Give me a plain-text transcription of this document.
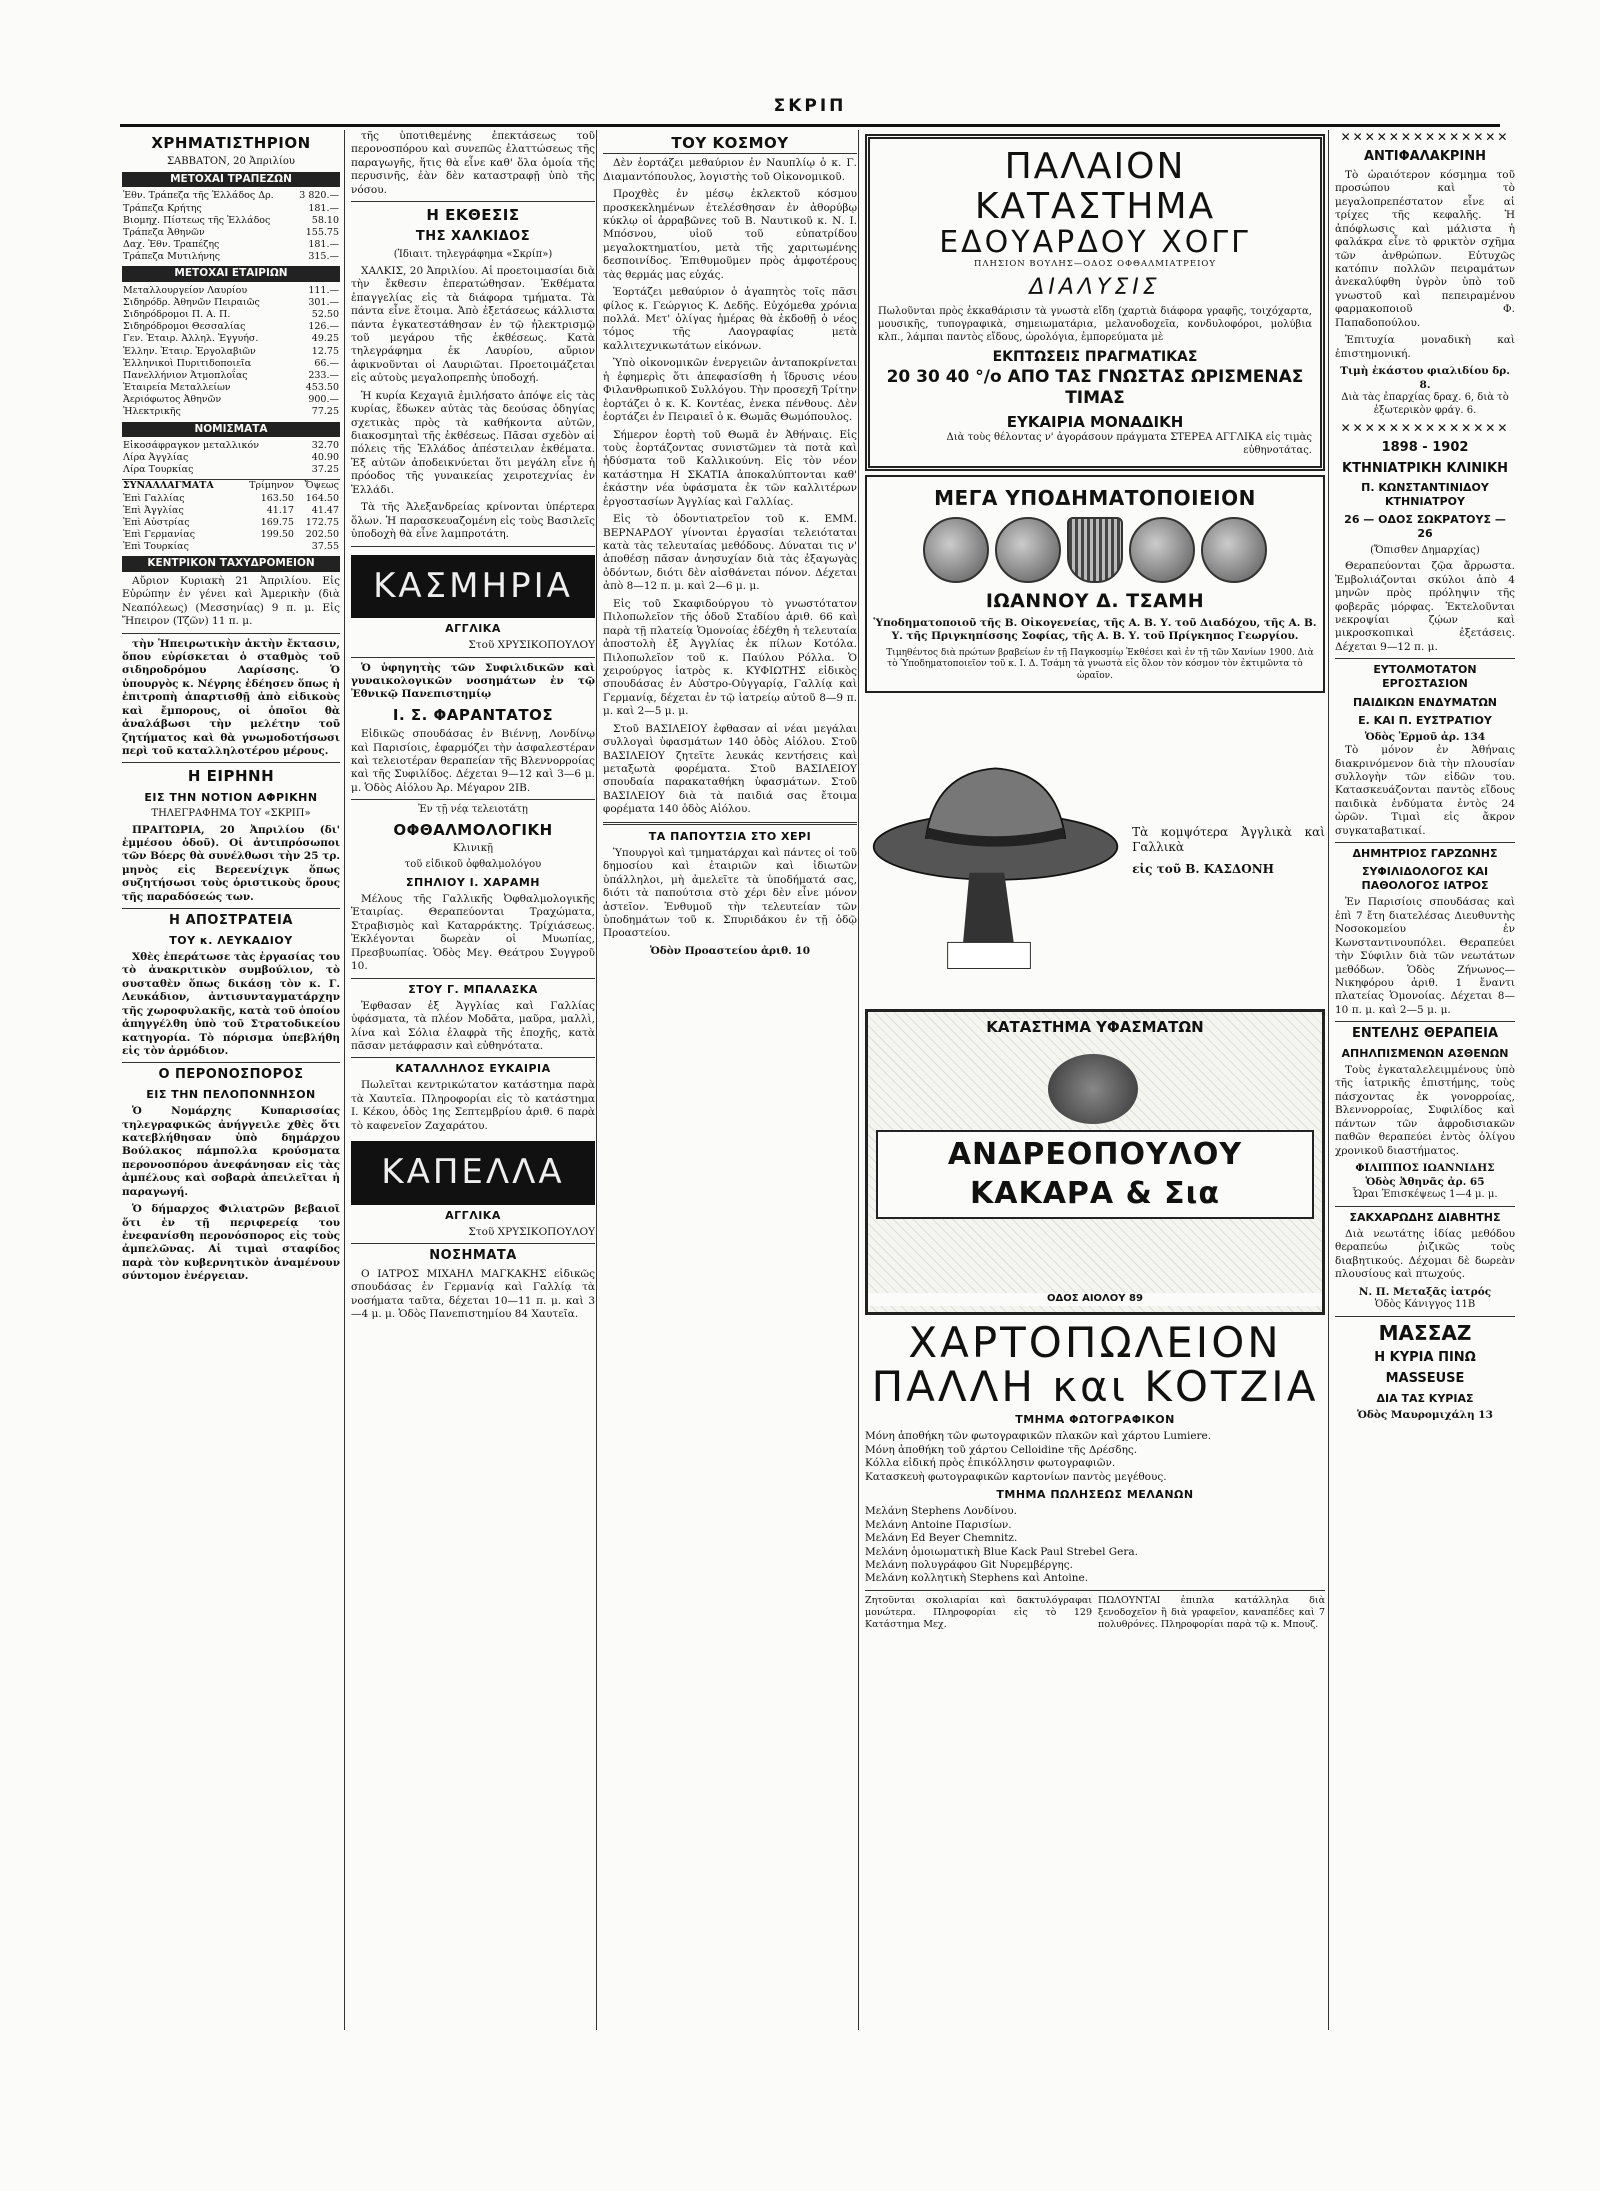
ΣΚΡΙΠ
ΧΡΗΜΑΤΙΣΤΗΡΙΟΝ
ΣΑΒΒΑΤΟΝ, 20 Ἀπριλίου
ΜΕΤΟΧΑΙ ΤΡΑΠΕΖΩΝ
Ἐθν. Τράπεζα τῆς Ἑλλάδος Δρ.	3 820.—
Τράπεζα Κρήτης	181.—
Βιομηχ. Πίστεως τῆς Ἑλλάδος	58.10
Τράπεζα Ἀθηνῶν	155.75
Δαχ. Ἐθν. Τραπέζης	181.—
Τράπεζα Μυτιλήνης	315.—
ΜΕΤΟΧΑΙ ΕΤΑΙΡΙΩΝ
Μεταλλουργείον Λαυρίου	111.—
Σιδηρόδρ. Ἀθηνῶν Πειραιῶς	301.—
Σιδηρόδρομοι Π. Α. Π.	52.50
Σιδηρόδρομοι Θεσσαλίας	126.—
Γεν. Ἑταιρ. Ἀλληλ. Ἐγγυήσ.	49.25
Ἑλλην. Ἑταιρ. Ἐργολαβιῶν	12.75
Ἑλληνικοὶ Πυριτιδοποιεῖα	66.—
Πανελλήνιον Ἀτμοπλοΐας	233.—
Ἑταιρεία Μεταλλείων	453.50
Ἀεριόφωτος Ἀθηνῶν	900.—
Ἠλεκτρικῆς	77.25
ΝΟΜΙΣΜΑΤΑ
Εἰκοσάφραγκον μεταλλικόν	32.70
Λίρα Ἀγγλίας	40.90
Λίρα Τουρκίας	37.25
ΣΥΝΑΛΛΑΓΜΑΤΑ	Τρίμηνον	Ὄψεως
Ἐπὶ Γαλλίας	163.50	164.50
Ἐπὶ Ἀγγλίας	41.17	41.47
Ἐπὶ Αὐστρίας	169.75	172.75
Ἐπὶ Γερμανίας	199.50	202.50
Ἐπὶ Τουρκίας		37.55
ΚΕΝΤΡΙΚΟΝ ΤΑΧΥΔΡΟΜΕΙΟΝ
Αὔριον Κυριακὴ 21 Ἀπριλίου. Εἰς Εὐρώπην ἐν γένει καὶ Ἀμερικὴν (διὰ Νεαπόλεως) (Μεσσηνίας) 9 π. μ. Εἰς Ἤπειρον (Τζῶν) 11 π. μ.
τὴν Ἡπειρωτικὴν ἀκτὴν ἔκτασιν, ὅπου εὑρίσκεται ὁ σταθμὸς τοῦ σιδηροδρόμου Λαρίσσης. Ὁ ὑπουργὸς κ. Νέγρης ἐδέησεν ὅπως ἡ ἐπιτροπὴ ἀπαρτισθῇ ἀπὸ εἰδικοὺς καὶ ἔμπορους, οἱ ὁποῖοι θὰ ἀναλάβωσι τὴν μελέτην τοῦ ζητήματος καὶ θὰ γνωμοδοτήσωσι περὶ τοῦ καταλληλοτέρου μέρους.
Η ΕΙΡΗΝΗ
ΕΙΣ ΤΗΝ ΝΟΤΙΟΝ ΑΦΡΙΚΗΝ
ΤΗΛΕΓΡΑΦΗΜΑ ΤΟΥ «ΣΚΡΙΠ»
ΠΡΑΙΤΩΡΙΑ, 20 Ἀπριλίου (δι' ἐμμέσου ὁδοῦ). Οἱ ἀντιπρόσωποι τῶν Βόερς θὰ συνέλθωσι τὴν 25 τρ. μηνὸς εἰς Βερεενίχιγκ ὅπως συζητήσωσι τοὺς ὁριστικοὺς ὅρους τῆς παραδόσεώς των.
Η ΑΠΟΣΤΡΑΤΕΙΑ
ΤΟΥ κ. ΛΕΥΚΑΔΙΟΥ
Χθὲς ἐπεράτωσε τὰς ἐργασίας του τὸ ἀνακριτικὸν συμβούλιον, τὸ συσταθὲν ὅπως δικάσῃ τὸν κ. Γ. Λευκάδιον, ἀντισυνταγματάρχην τῆς χωροφυλακῆς, κατὰ τοῦ ὁποίου ἀπηγγέλθη ὑπὸ τοῦ Στρατοδικείου κατηγορία. Τὸ πόρισμα ὑπεβλήθη εἰς τὸν ἀρμόδιον.
Ο ΠΕΡΟΝΟΣΠΟΡΟΣ
ΕΙΣ ΤΗΝ ΠΕΛΟΠΟΝΝΗΣΟΝ
Ὁ Νομάρχης Κυπαρισσίας τηλεγραφικῶς ἀνήγγειλε χθὲς ὅτι κατεβλήθησαν ὑπὸ δημάρχου Βούλακος πάμπολλα κρούσματα περονοσπόρου ἀνεφάνησαν εἰς τὰς ἀμπέλους καὶ σοβαρὰ ἀπειλεῖται ἡ παραγωγή.
Ὁ δήμαρχος Φιλιατρῶν βεβαιοῖ ὅτι ἐν τῇ περιφερείᾳ του ἐνεφανίσθη περονόσπορος εἰς τοὺς ἀμπελῶνας. Αἱ τιμαὶ σταφίδος παρὰ τὸν κυβερνητικὸν ἀναμένουν σύντομον ἐνέργειαν.
τῆς ὑποτιθεμένης ἐπεκτάσεως τοῦ περονοσπόρου καὶ συνεπῶς ἐλαττώσεως τῆς παραγωγῆς, ἥτις θὰ εἶνε καθ' ὅλα ὁμοία τῆς περυσινῆς, ἐὰν δὲν καταστραφῇ ὑπὸ τῆς νόσου.
Η ΕΚΘΕΣΙΣ
ΤΗΣ ΧΑΛΚΙΔΟΣ
(Ἰδιαιτ. τηλεγράφημα «Σκρίπ»)
ΧΑΛΚΙΣ, 20 Ἀπριλίου. Αἱ προετοιμασίαι διὰ τὴν ἔκθεσιν ἐπερατώθησαν. Ἐκθέματα ἐπαγγελίας εἰς τὰ διάφορα τμήματα. Τὰ πάντα εἶνε ἕτοιμα. Ἀπὸ ἐξετάσεως κάλλιστα πάντα ἐγκατεστάθησαν ἐν τῷ ἠλεκτρισμῷ τοῦ μεγάρου τῆς ἐκθέσεως. Κατὰ τηλεγράφημα ἐκ Λαυρίου, αὔριον ἀφικνοῦνται οἱ Λαυριῶται. Προετοιμάζεται εἰς αὐτοὺς μεγαλοπρεπὴς ὑποδοχή.
Ἡ κυρία Κεχαγιᾶ ἐμιλήσατο ἀπόψε εἰς τὰς κυρίας, ἔδωκεν αὐτὰς τὰς δεούσας ὁδηγίας σχετικὰς πρὸς τὰ καθήκοντα αὐτῶν, διακοσμηταὶ τῆς ἐκθέσεως. Πᾶσαι σχεδὸν αἱ πόλεις τῆς Ἑλλάδος ἀπέστειλαν ἐκθέματα. Ἐξ αὐτῶν ἀποδεικνύεται ὅτι μεγάλη εἶνε ἡ πρόοδος τῆς γυναικείας χειροτεχνίας ἐν Ἑλλάδι.
Τὰ τῆς Ἀλεξανδρείας κρίνονται ὑπέρτερα ὅλων. Ἡ παρασκευαζομένη εἰς τοὺς Βασιλεῖς ὑποδοχὴ θὰ εἶνε λαμπροτάτη.
ΚΑΣΜΗΡΙΑ
ΑΓΓΛΙΚΑ
Στοῦ ΧΡΥΣΙΚΟΠΟΥΛΟΥ
Ὁ ὑφηγητὴς τῶν Συφιλιδικῶν καὶ γυναικολογικῶν νοσημάτων ἐν τῷ Ἐθνικῷ Πανεπιστημίῳ
Ι. Σ. ΦΑΡΑΝΤΑΤΟΣ
Εἰδικῶς σπουδάσας ἐν Βιέννῃ, Λονδίνῳ καὶ Παρισίοις, ἐφαρμόζει τὴν ἀσφαλεστέραν καὶ τελειοτέραν θεραπείαν τῆς Βλεννορροίας καὶ τῆς Συφιλίδος. Δέχεται 9—12 καὶ 3—6 μ. μ. Ὁδὸς Αἰόλου Ἀρ. Μέγαρον 2ΙΒ.
Ἐν τῇ νέᾳ τελειοτάτῃ
ΟΦΘΑΛΜΟΛΟΓΙΚΗ
Κλινικῇ
τοῦ εἰδικοῦ ὀφθαλμολόγου
ΣΠΗΛΙΟΥ Ι. ΧΑΡΑΜΗ
Μέλους τῆς Γαλλικῆς Ὀφθαλμολογικῆς Ἑταιρίας. Θεραπεύονται Τραχώματα, Στραβισμὸς καὶ Καταρράκτης. Τρίχιάσεως. Ἐκλέγονται δωρεὰν οἱ Μυωπίας, Πρεσβυωπίας. Ὁδὸς Μεγ. Θεάτρου Συγγροῦ 10.
ΣΤΟΥ Γ. ΜΠΑΛΑΣΚΑ
Ἐφθασαν ἐξ Ἀγγλίας καὶ Γαλλίας ὑφάσματα, τὰ πλέον Μοδᾶτα, μαῦρα, μαλλὶ, λίνα καὶ Σόλια ἐλαφρὰ τῆς ἐποχῆς, κατὰ πᾶσαν μετάφρασιν καὶ εὐθηνότατα.
ΚΑΤΑΛΛΗΛΟΣ ΕΥΚΑΙΡΙΑ
Πωλεῖται κεντρικώτατον κατάστημα παρὰ τὰ Χαυτεῖα. Πληροφορίαι εἰς τὸ κατάστημα Ι. Κέκου, ὁδὸς 1ης Σεπτεμβρίου ἀριθ. 6 παρὰ τὸ καφενεῖον Ζαχαράτου.
ΚΑΠΕΛΛΑ
ΑΓΓΛΙΚΑ
Στοῦ ΧΡΥΣΙΚΟΠΟΥΛΟΥ
ΝΟΣΗΜΑΤΑ
Ο ΙΑΤΡΟΣ ΜΙΧΑΗΛ ΜΑΓΚΑΚΗΣ εἰδικῶς σπουδάσας ἐν Γερμανίᾳ καὶ Γαλλίᾳ τὰ νοσήματα ταῦτα, δέχεται 10—11 π. μ. καὶ 3—4 μ. μ. Ὁδὸς Πανεπιστημίου 84 Χαυτεῖα.
ΤΟΥ ΚΟΣΜΟΥ
Δὲν ἑορτάζει μεθαύριον ἐν Ναυπλίῳ ὁ κ. Γ. Διαμαντόπουλος, λογιστὴς τοῦ Οἰκονομικοῦ.
Προχθὲς ἐν μέσῳ ἐκλεκτοῦ κόσμου προσκεκλημένων ἐτελέσθησαν ἐν ἀθορύβῳ κύκλῳ οἱ ἀρραβῶνες τοῦ Β. Ναυτικοῦ κ. Ν. Ι. Μπόσνου, υἱοῦ τοῦ εὐπατρίδου μεγαλοκτηματίου, μετὰ τῆς χαριτωμένης δεσποινίδος. Ἐπιθυμοῦμεν πρὸς ἀμφοτέρους τὰς θερμάς μας εὐχάς.
Ἑορτάζει μεθαύριον ὁ ἀγαπητὸς τοῖς πᾶσι φίλος κ. Γεώργιος Κ. Δεδῆς. Εὐχόμεθα χρόνια πολλά. Μετ' ὀλίγας ἡμέρας θὰ ἐκδοθῇ ὁ νέος τόμος τῆς Λαογραφίας μετὰ καλλιτεχνικωτάτων εἰκόνων.
Ὑπὸ οἰκονομικῶν ἐνεργειῶν ἀνταποκρίνεται ἡ ἐφημερὶς ὅτι ἀπεφασίσθη ἡ ἵδρυσις νέου Φιλανθρωπικοῦ Συλλόγου. Τὴν προσεχῆ Τρίτην ἑορτάζει ὁ κ. Κ. Κοντέας, ἐνεκα πένθους. Δὲν ἑορτάζει ἐν Πειραιεῖ ὁ κ. Θωμᾶς Θωμόπουλος.
Σήμερον ἑορτὴ τοῦ Θωμᾶ ἐν Ἀθήναις. Εἰς τοὺς ἑορτάζοντας συνιστῶμεν τὰ ποτὰ καὶ ἡδύσματα τοῦ Καλλικούνη. Εἰς τὸν νέον κατάστημα Η ΣΚΑΤΙΑ ἀποκαλύπτονται καθ' ἑκάστην νέα ὑφάσματα ἐκ τῶν καλλιτέρων ἐργοστασίων Ἀγγλίας καὶ Γαλλίας.
Εἰς τὸ ὁδοντιατρεῖον τοῦ κ. ΕΜΜ. ΒΕΡΝΑΡΔΟΥ γίνονται ἐργασίαι τελειόταται κατὰ τὰς τελευταίας μεθόδους. Δύναται τις ν' ἀποθέσῃ πᾶσαν ἀνησυχίαν διὰ τὰς ἐξαγωγὰς ὀδόντων, διότι δὲν αἰσθάνεται πόνον. Δέχεται ἀπὸ 8—12 π. μ. καὶ 2—6 μ. μ.
Εἰς τοῦ Σκαφιδούργου τὸ γνωστότατον Πιλοπωλεῖον τῆς ὁδοῦ Σταδίου ἀριθ. 66 καὶ παρὰ τῇ πλατείᾳ Ὁμονοίας ἐδέχθη ἡ τελευταία ἀποστολὴ ἐξ Ἀγγλίας ἐκ πίλων Κοτόλα. Πιλοπωλεῖον τοῦ κ. Παύλου Ρόλλα. Ὁ χειρούργος ἰατρὸς κ. ΚΥΦΙΩΤΗΣ εἰδικὸς σπουδάσας ἐν Αὐστρο-Οὑγγαρίᾳ, Γαλλίᾳ καὶ Γερμανίᾳ, δέχεται ἐν τῷ ἰατρείῳ αὐτοῦ 8—9 π. μ. καὶ 2—5 μ. μ.
Στοῦ ΒΑΣΙΛΕΙΟΥ ἐφθασαν αἱ νέαι μεγάλαι συλλογαὶ ὑφασμάτων 140 ὁδὸς Αἰόλου. Στοῦ ΒΑΣΙΛΕΙΟΥ ζητεῖτε λευκάς κεντήσεις καὶ μεταξωτὰ φορέματα. Στοῦ ΒΑΣΙΛΕΙΟΥ σπουδαία παρακαταθήκη ὑφασμάτων. Στοῦ ΒΑΣΙΛΕΙΟΥ διὰ τὰ παιδιά σας ἔτοιμα φορέματα 140 ὁδὸς Αἰόλου.
ΤΑ ΠΑΠΟΥΤΣΙΑ ΣΤΟ ΧΕΡΙ
Ὑπουργοὶ καὶ τμηματάρχαι καὶ πάντες οἱ τοῦ δημοσίου καὶ ἐταιριῶν καὶ ἰδιωτῶν ὑπάλληλοι, μὴ ἀμελεῖτε τὰ ὑποδήματά σας, διότι τὰ παπούτσια στὸ χέρι δὲν εἶνε μόνον ἀστεῖον. Ἐνθυμοῦ τὴν τελευτείαν τῶν ὑποδημάτων τοῦ κ. Σπυριδάκου ἐν τῇ ὁδῷ Προαστείου.
Ὁδὸν Προαστείου ἀριθ. 10
ΠΑΛΑΙΟΝ ΚΑΤΑΣΤΗΜΑ
ΕΔΟΥΑΡΔΟΥ ΧΟΓΓ
ΠΛΗΣΙΟΝ ΒΟΥΛΗΣ—ΟΔΟΣ ΟΦΘΑΛΜΙΑΤΡΕΙΟΥ
ΔΙΑΛΥΣΙΣ
Πωλοῦνται πρὸς ἐκκαθάρισιν τὰ γνωστὰ εἴδη (χαρτιὰ διάφορα γραφῆς, τοιχόχαρτα, μουσικῆς, τυπογραφικὰ, σημειωματάρια, μελανοδοχεῖα, κονδυλοφόροι, μολύβια κλπ., λάμπαι παντὸς εἴδους, ὡρολόγια, ἐμπορεύματα μὲ
ΕΚΠΤΩΣΕΙΣ ΠΡΑΓΜΑΤΙΚΑΣ
20 30 40 °/ο ΑΠΟ ΤΑΣ ΓΝΩΣΤΑΣ ΩΡΙΣΜΕΝΑΣ ΤΙΜΑΣ
ΕΥΚΑΙΡΙΑ ΜΟΝΑΔΙΚΗ
Διὰ τοὺς θέλοντας ν' ἀγοράσουν πράγματα ΣΤΕΡΕΑ ΑΓΓΛΙΚΑ εἰς τιμὰς εὐθηνοτάτας.
ΜΕΓΑ ΥΠΟΔΗΜΑΤΟΠΟΙΕΙΟΝ
ΙΩΑΝΝΟΥ Δ. ΤΣΑΜΗ
Ὑποδηματοποιοῦ τῆς Β. Οἰκογενείας, τῆς Α. Β. Υ. τοῦ Διαδόχου, τῆς Α. Β. Υ. τῆς Πριγκηπίσσης Σοφίας, τῆς Α. Β. Υ. τοῦ Πρίγκηπος Γεωργίου.
Τιμηθέντος διὰ πρώτων βραβείων ἐν τῇ Παγκοσμίῳ Ἐκθέσει καὶ ἐν τῇ τῶν Χανίων 1900. Διὰ τὸ Ὑποδηματοποιεῖον τοῦ κ. Ι. Δ. Τσάμη τὰ γνωστὰ εἰς ὅλον τὸν κόσμον τὸν ἐκτιμῶντα τὸ ὡραῖον.
Τὰ κομψότερα Ἀγγλικὰ καὶ Γαλλικὰ
εἰς τοῦ Β. ΚΑΣΔΟΝΗ
ΚΑΤΑΣΤΗΜΑ ΥΦΑΣΜΑΤΩΝ
ΑΝΔΡΕΟΠΟΥΛΟΥ ΚΑΚΑΡΑ & Σια
ΟΔΟΣ ΑΙΟΛΟΥ 89
ΧΑΡΤΟΠΩΛΕΙΟΝ
ΠΑΛΛΗ και ΚΟΤΖΙΑ
ΤΜΗΜΑ ΦΩΤΟΓΡΑΦΙΚΟΝ

Μόνη ἀποθήκη τῶν φωτογραφικῶν πλακῶν καὶ χάρτου Lumiere.

Μόνη ἀποθήκη τοῦ χάρτου Celloidine τῆς Δρέσδης.

Κόλλα εἰδική πρὸς ἐπικόλλησιν φωτογραφιῶν.

Κατασκευὴ φωτογραφικῶν καρτονίων παντὸς μεγέθους.

ΤΜΗΜΑ ΠΩΛΗΣΕΩΣ ΜΕΛΑΝΩΝ

Μελάνη Stephens Λονδίνου.

Μελάνη Antoine Παρισίων.

Μελάνη Ed Beyer Chemnitz.

Μελάνη ὁμοιωματικὴ Blue Kack Paul Strebel Gera.

Μελάνη πολυγράφου Git Νυρεμβέργης.

Μελάνη κολλητικὴ Stephens καὶ Antoine.

Ζητοῦνται σκολιαρίαι καὶ δακτυλόγραφαι μονώτερα. Πληροφορίαι εἰς τὸ 129 Κατάστημα Μεχ.
ΠΩΛΟΥΝΤΑΙ ἐπιπλα κατάλληλα διὰ ξενοδοχεῖον ἢ διὰ γραφεῖον, καναπέδες καὶ 7 πολυθρόνες. Πληροφορίαι παρὰ τῷ κ. Μπουζ.
✕✕✕✕✕✕✕✕✕✕✕✕✕✕
ΑΝΤΙΦΑΛΑΚΡΙΝΗ
Τὸ ὡραιότερον κόσμημα τοῦ προσώπου καὶ τὸ μεγαλοπρεπέστατον εἶνε αἱ τρίχες τῆς κεφαλῆς. Ἡ ἀπόφλωσις καὶ μάλιστα ἡ φαλάκρα εἶνε τὸ φρικτὸν σχῆμα τῶν ἀνθρώπων. Εὐτυχῶς κατόπιν πολλῶν πειραμάτων ἀνεκαλύφθη ὑγρὸν ὑπὸ τοῦ γνωστοῦ καὶ πεπειραμένου φαρμακοποιοῦ Φ. Παπαδοπούλου.
Ἐπιτυχία μοναδικὴ καὶ ἐπιστημονική.
Τιμὴ ἑκάστου φιαλιδίου δρ. 8.
Διὰ τὰς ἐπαρχίας δραχ. 6, διὰ τὸ ἐξωτερικὸν φράγ. 6.
✕✕✕✕✕✕✕✕✕✕✕✕✕✕
1898 - 1902
ΚΤΗΝΙΑΤΡΙΚΗ ΚΛΙΝΙΚΗ
Π. ΚΩΝΣΤΑΝΤΙΝΙΔΟΥ ΚΤΗΝΙΑΤΡΟΥ
26 — ΟΔΟΣ ΣΩΚΡΑΤΟΥΣ — 26
(Ὄπισθεν Δημαρχίας)
Θεραπεύονται ζῷα ἄρρωστα. Ἐμβολιάζονται σκύλοι ἀπὸ 4 μηνῶν πρὸς πρόληψιν τῆς φοβερᾶς μόρφας. Ἐκτελοῦνται νεκροψίαι ζῴων καὶ μικροσκοπικαὶ ἐξετάσεις. Δέχεται 9—12 π. μ.
ΕΥΤΟΛΜΟΤΑΤΟΝ ΕΡΓΟΣΤΑΣΙΟΝ
ΠΑΙΔΙΚΩΝ ΕΝΔΥΜΑΤΩΝ
Ε. ΚΑΙ Π. ΕΥΣΤΡΑΤΙΟΥ
Ὁδὸς Ἑρμοῦ ἀρ. 134
Τὸ μόνον ἐν Ἀθήναις διακρινόμενον διὰ τὴν πλουσίαν συλλογὴν τῶν εἰδῶν του. Κατασκευάζονται παντὸς εἴδους παιδικὰ ἐνδύματα ἐντὸς 24 ὡρῶν. Τιμαὶ εἰς ἄκρον συγκαταβατικαί.
ΔΗΜΗΤΡΙΟΣ ΓΑΡΖΩΝΗΣ
ΣΥΦΙΛΙΔΟΛΟΓΟΣ ΚΑΙ ΠΑΘΟΛΟΓΟΣ ΙΑΤΡΟΣ
Ἐν Παρισίοις σπουδάσας καὶ ἐπὶ 7 ἔτη διατελέσας Διευθυντὴς Νοσοκομείου ἐν Κωνσταντινουπόλει. Θεραπεύει τὴν Σύφιλιν διὰ τῶν νεωτάτων μεθόδων. Ὁδὸς Ζήνωνος—Νικηφόρου ἀριθ. 1 ἔναντι πλατείας Ὁμονοίας. Δέχεται 8—10 π. μ. καὶ 2—5 μ. μ.
ΕΝΤΕΛΗΣ ΘΕΡΑΠΕΙΑ
ΑΠΗΛΠΙΣΜΕΝΩΝ ΑΣΘΕΝΩΝ
Τοὺς ἐγκαταλελειμμένους ὑπὸ τῆς ἰατρικῆς ἐπιστήμης, τοὺς πάσχοντας ἐκ γονορροίας, Βλεννορροίας, Συφιλίδος καὶ πάντων τῶν ἀφροδισιακῶν παθῶν θεραπεύει ἐντὸς ὀλίγου χρονικοῦ διαστήματος.
ΦΙΛΙΠΠΟΣ ΙΩΑΝΝΙΔΗΣ
Ὁδὸς Ἀθηνᾶς ἀρ. 65
Ὧραι Ἐπισκέψεως 1—4 μ. μ.
ΣΑΚΧΑΡΩΔΗΣ ΔΙΑΒΗΤΗΣ
Διὰ νεωτάτης ἰδίας μεθόδου θεραπεύω ῥιζικῶς τοὺς διαβητικούς. Δέχομαι δὲ δωρεὰν πλουσίους καὶ πτωχούς.
Ν. Π. Μεταξᾶς ἰατρός
Ὁδὸς Κάνιγγος 11Β
ΜΑΣΣΑΖ
Η ΚΥΡΙΑ ΠΙΝΩ
MASSEUSE
ΔΙΑ ΤΑΣ ΚΥΡΙΑΣ
Ὁδὸς Μαυρομιχάλη 13
